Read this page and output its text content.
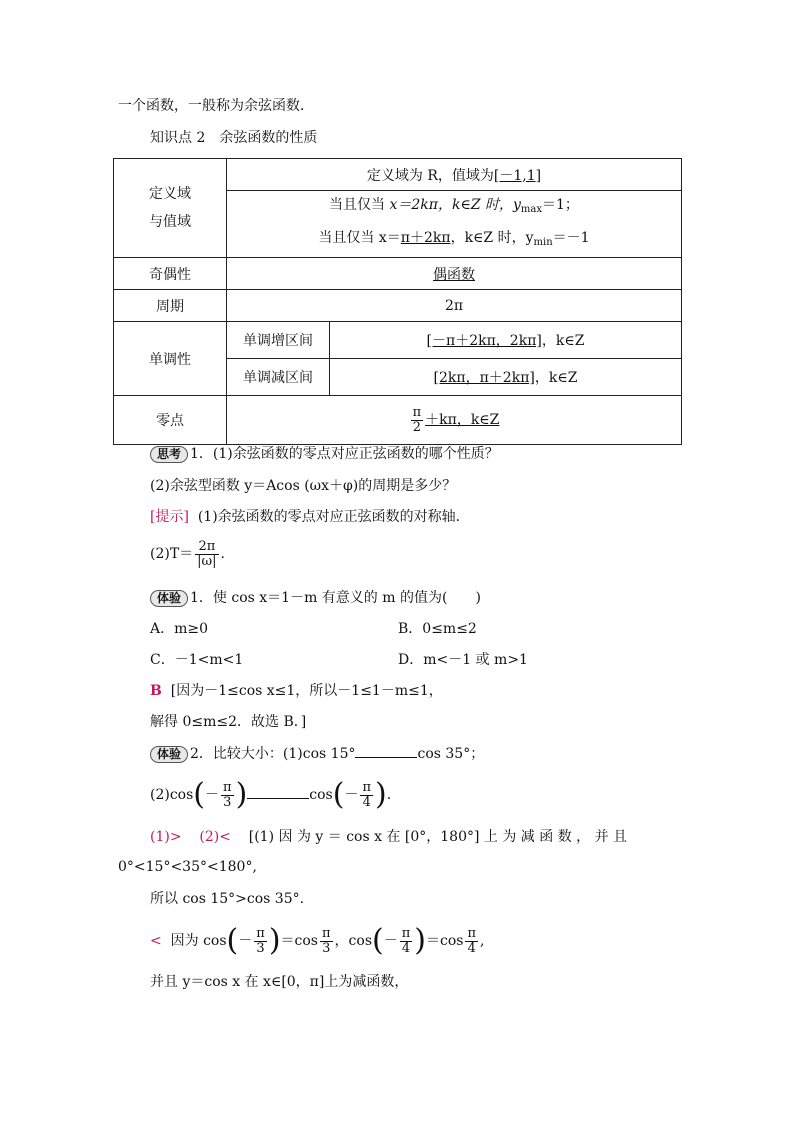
一个函数，一般称为余弦函数．
知识点 2　余弦函数的性质
定义域
与值域	定义域为 R，值域为[－1,1]	

	当且仅当 x＝2kπ，k∈Z 时，$y_{max}=1$；
当且仅当 x＝π＋2kπ，k∈Z 时，$y_{min}=-1$	

奇偶性	偶函数	
周期	2π	
单调性	单调增区间	[－π＋2kπ，2kπ]，k∈Z
	单调减区间	[2kπ，π＋2kπ]，k∈Z
零点	$\frac{\pi}{2} +k\pi$，k∈Z	
思考 1．(1)余弦函数的零点对应正弦函数的哪个性质？
(2)余弦型函数 y＝Acos (ωx＋φ)的周期是多少？
[提示] (1)余弦函数的零点对应正弦函数的对称轴．
$(2)T= \frac{2\pi}{|\omega|}$ .
体验 1．使 cos x＝1－m 有意义的 m 的值为(　　)
A．m≥0	B．0≤m≤2
C．－1<m<1	D．m<－1 或 m>1
B [因为－1≤cos x≤1，所以－1≤1－m≤1，
解得 0≤m≤2．故选 B．]
体验 2．比较大小：(1)cos 15°	cos 35°；
$(2)\cos(- \frac{\pi}{3}$ )	$\cos(- \frac{\pi}{4}$ ).
(1)> (2)< [(1) 因 为 y ＝ cos x 在 [0°，180°] 上 为 减 函 数 ， 并 且
0°<15°<35°<180°,
所以 cos 15°>cos 35°.
< 因为 $\cos(- \frac{\pi}{3} )=\cos \frac{\pi}{3}$ ，$\cos(- \frac{\pi}{4} )=\cos \frac{\pi}{4}$ ,
并且 y＝cos x 在 x∈[0，π]上为减函数，
